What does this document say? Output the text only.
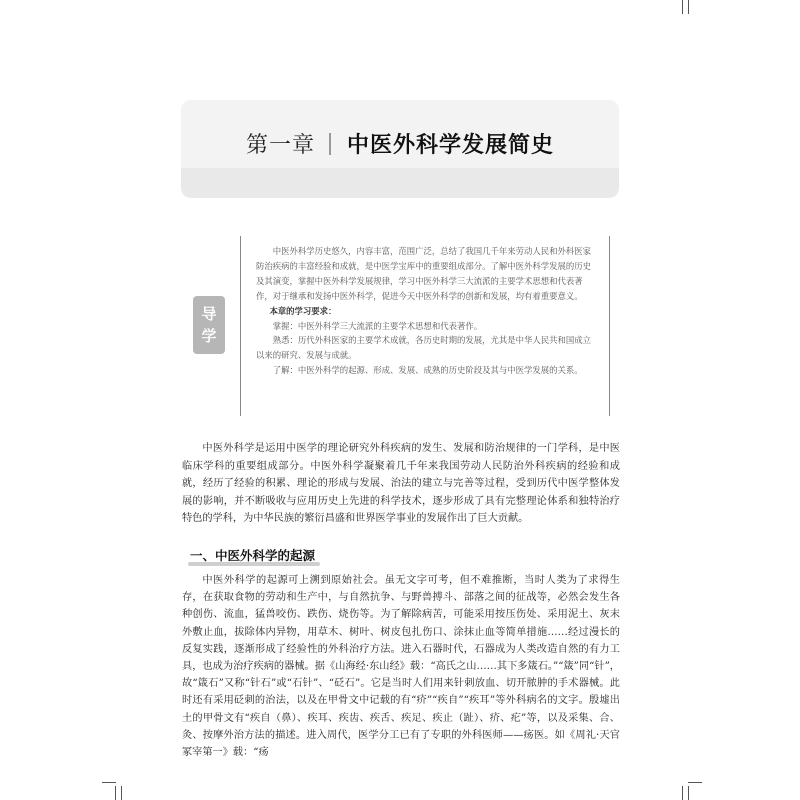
第一章 中医外科学发展简史
导
学

中医外科学历史悠久，内容丰富，范围广泛，总结了我国几千年来劳动人民和外科医家防治疾病的丰富经验和成就，是中医学宝库中的重要组成部分。了解中医外科学发展的历史及其演变，掌握中医外科学发展规律，学习中医外科学三大流派的主要学术思想和代表著作，对于继承和发扬中医外科学，促进今天中医外科学的创新和发展，均有着重要意义。

本章的学习要求：

掌握：中医外科学三大流派的主要学术思想和代表著作。

熟悉：历代外科医家的主要学术成就，各历史时期的发展，尤其是中华人民共和国成立以来的研究、发展与成就。

了解：中医外科学的起源、形成、发展、成熟的历史阶段及其与中医学发展的关系。

中医外科学是运用中医学的理论研究外科疾病的发生、发展和防治规律的一门学科，是中医临床学科的重要组成部分。中医外科学凝聚着几千年来我国劳动人民防治外科疾病的经验和成就，经历了经验的积累、理论的形成与发展、治法的建立与完善等过程，受到历代中医学整体发展的影响，并不断吸收与应用历史上先进的科学技术，逐步形成了具有完整理论体系和独特治疗特色的学科，为中华民族的繁衍昌盛和世界医学事业的发展作出了巨大贡献。

一、中医外科学的起源

中医外科学的起源可上溯到原始社会。虽无文字可考，但不难推断，当时人类为了求得生存，在获取食物的劳动和生产中，与自然抗争、与野兽搏斗、部落之间的征战等，必然会发生各种创伤、流血，猛兽咬伤、跌伤、烧伤等。为了解除病苦，可能采用按压伤处、采用泥土、灰末外敷止血，拔除体内异物，用草木、树叶、树皮包扎伤口、涂抹止血等简单措施……经过漫长的反复实践，逐渐形成了经验性的外科治疗方法。进入石器时代，石器成为人类改造自然的有力工具，也成为治疗疾病的器械。据《山海经·东山经》载：“高氏之山……其下多箴石。”“箴”同“针”，故“箴石”又称“针石”或“石针”、“砭石”。它是当时人们用来针刺放血、切开脓肿的手术器械。此时还有采用砭刺的治法，以及在甲骨文中记载的有“疥”“疾自”“疾耳”等外科病名的文字。殷墟出土的甲骨文有“疾自（鼻）、疾耳、疾齿、疾舌、疾足、疾止（趾）、疥、疕”等，以及采集、合、灸、按摩外治方法的描述。进入周代，医学分工已有了专职的外科医师——疡医。如《周礼·天官冢宰第一》载：“疡
